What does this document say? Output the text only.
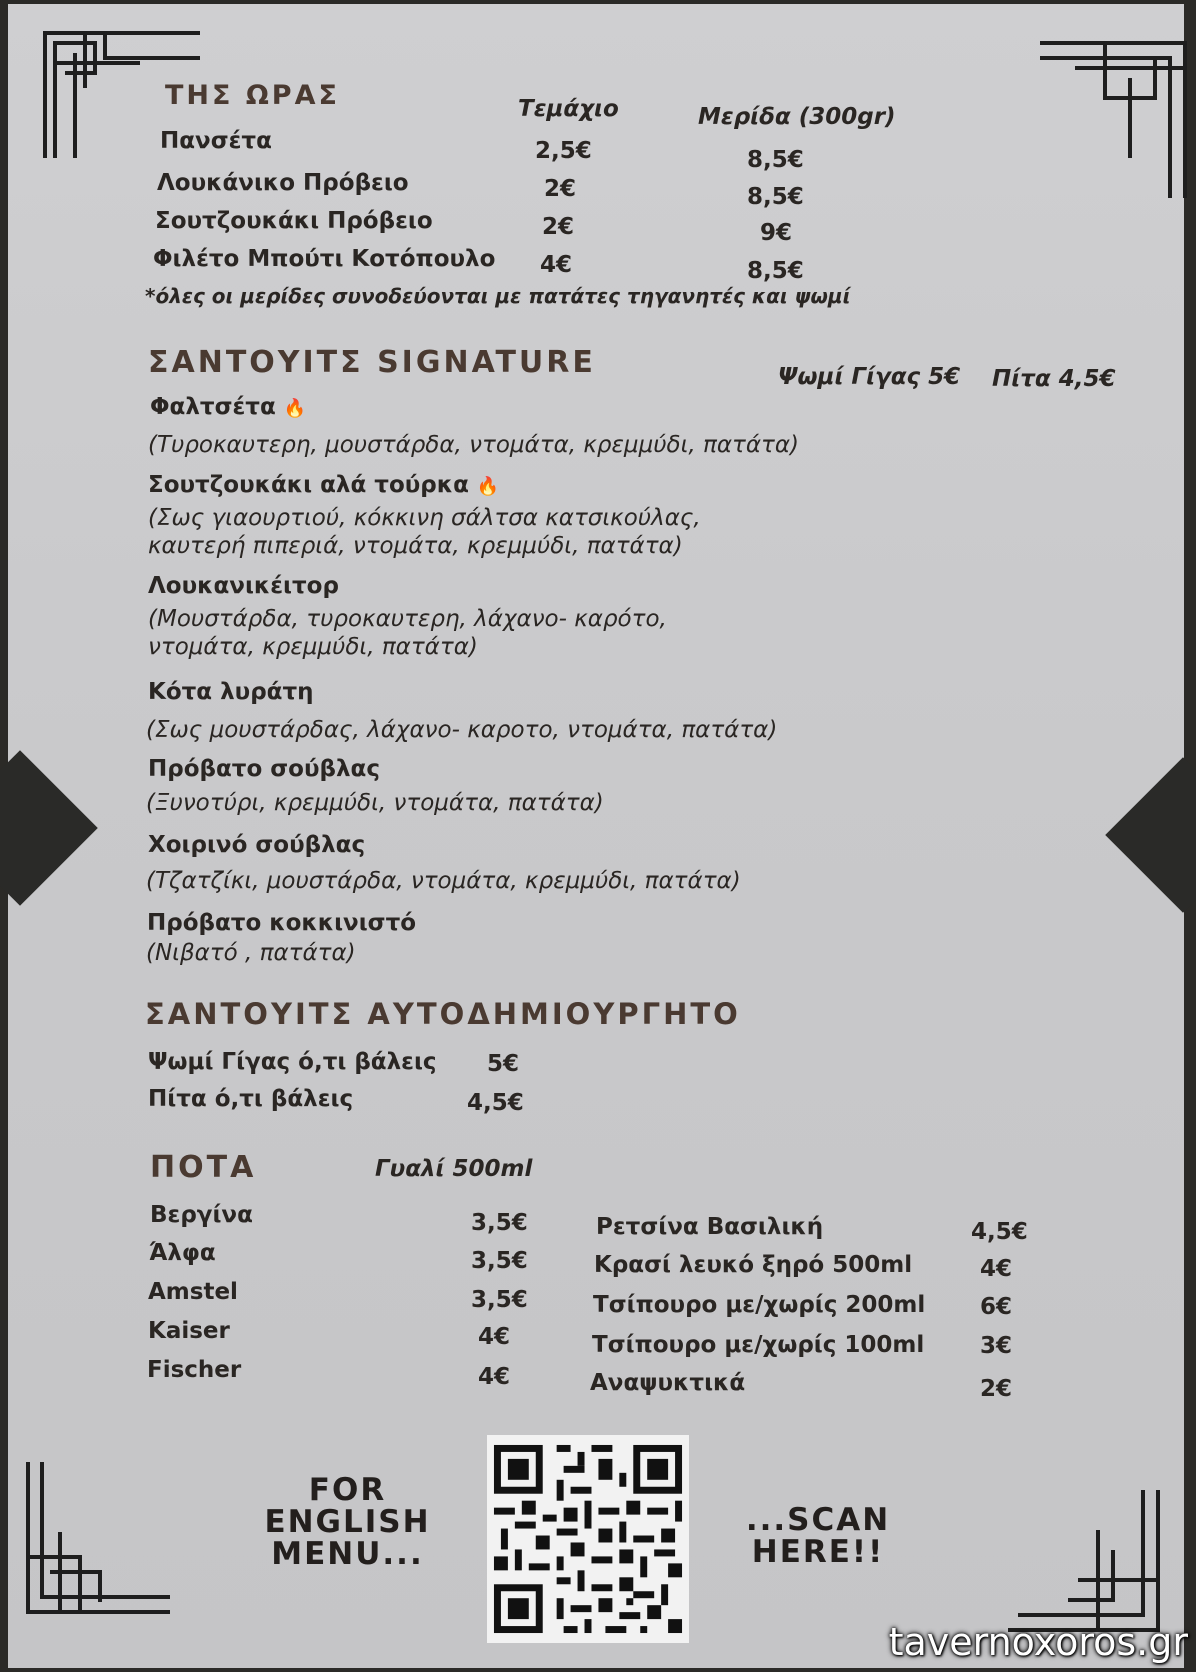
ΤΗΣ ΩΡΑΣ	Τεμάχιο	Μερίδα (300gr)
Πανσέτα	2,5€	8,5€
Λουκάνικο Πρόβειο	2€	8,5€
Σουτζουκάκι Πρόβειο	2€	9€
Φιλέτο Μπούτι Κοτόπουλο 4€	8,5€
*όλες οι μερίδες συνοδεύονται με πατάτες τηγανητές και ψωμί
ΣΑΝΤΟΥΙΤΣ SIGNATURE	Ψωμί Γίγας 5€ Πίτα 4,5€
Φαλτσέτα 🔥
(Τυροκαυτερη, μουστάρδα, ντομάτα, κρεμμύδι, πατάτα)
Σουτζουκάκι αλά τούρκα 🔥
(Σως γιαουρτιού, κόκκινη σάλτσα κατσικούλας,
καυτερή πιπεριά, ντομάτα, κρεμμύδι, πατάτα)
Λουκανικέιτορ
(Μουστάρδα, τυροκαυτερη, λάχανο- καρότο,
ντομάτα, κρεμμύδι, πατάτα)
Κότα λυράτη
(Σως μουστάρδας, λάχανο- καροτο, ντομάτα, πατάτα)
Πρόβατο σούβλας
(Ξυνοτύρι, κρεμμύδι, ντομάτα, πατάτα)
Χοιρινό σούβλας
(Τζατζίκι, μουστάρδα, ντομάτα, κρεμμύδι, πατάτα)
Πρόβατο κοκκινιστό
(Νιβατό , πατάτα)
ΣΑΝΤΟΥΙΤΣ ΑΥΤΟΔΗΜΙΟΥΡΓΗΤΟ
Ψωμί Γίγας ό,τι βάλεις 5€
Πίτα ό,τι βάλεις	4,5€
ΠΟΤΑ	Γυαλί 500ml
Βεργίνα	3,5€
Άλφα	3,5€
Amstel	3,5€
Kaiser	4€
Fischer	4€
Ρετσίνα Βασιλική	4,5€
Κρασί λευκό ξηρό 500ml	4€
Τσίπουρο με/χωρίς 200ml 6€
Τσίπουρο με/χωρίς 100ml 3€
Αναψυκτικά	2€
FOR
ENGLISH
MENU...
...SCAN
HERE!!
tavernoxoros.gr
